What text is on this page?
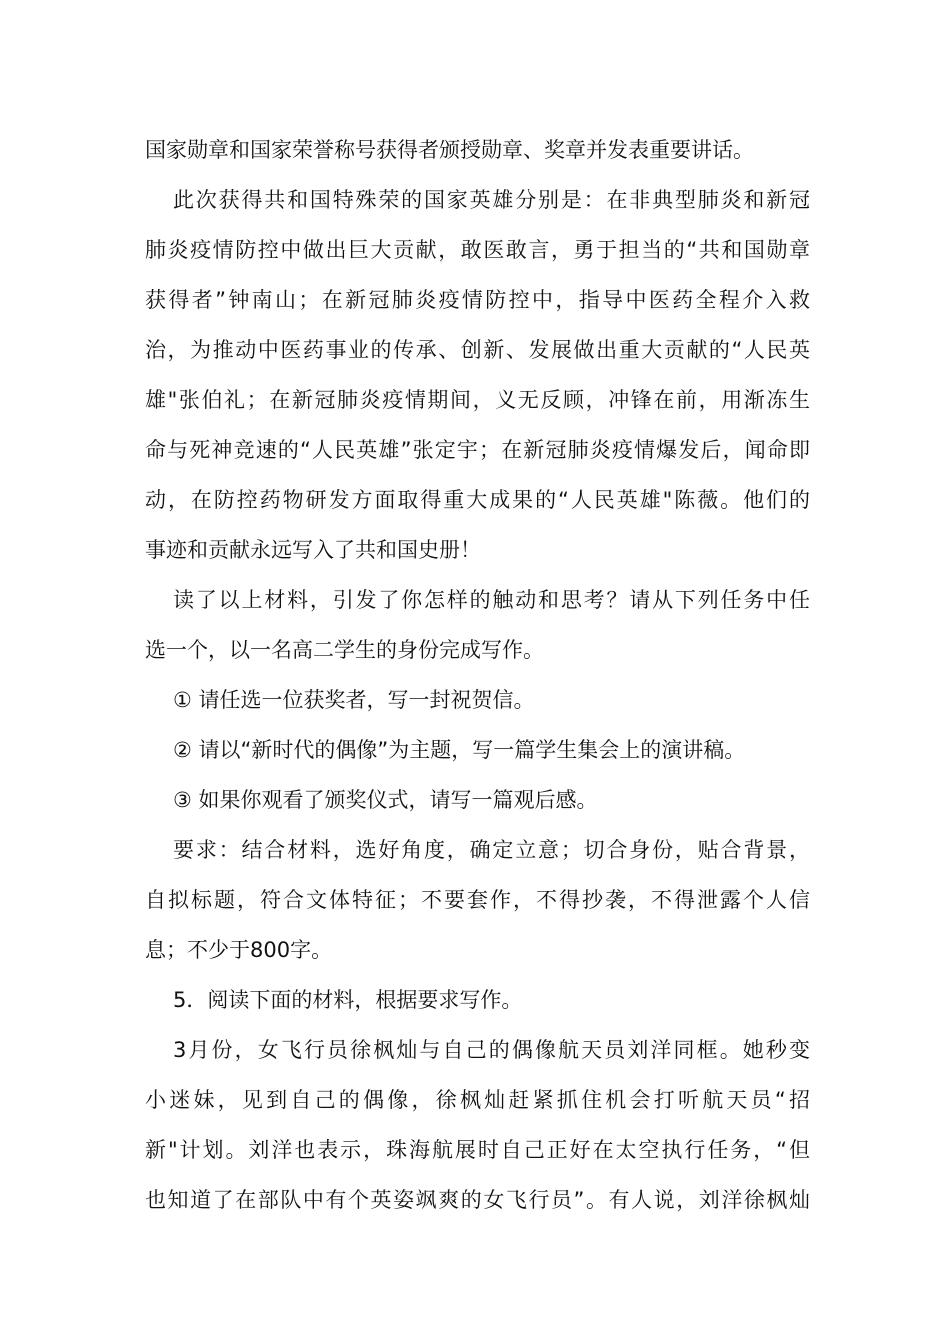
国家勋章和国家荣誉称号获得者颁授勋章、奖章并发表重要讲话。
此次获得共和国特殊荣的国家英雄分别是：在非典型肺炎和新冠
肺炎疫情防控中做出巨大贡献，敢医敢言，勇于担当的“共和国勋章
获得者”钟南山；在新冠肺炎疫情防控中，指导中医药全程介入救
治，为推动中医药事业的传承、创新、发展做出重大贡献的“人民英
雄"张伯礼；在新冠肺炎疫情期间，义无反顾，冲锋在前，用渐冻生
命与死神竞速的“人民英雄”张定宇；在新冠肺炎疫情爆发后，闻命即
动，在防控药物研发方面取得重大成果的“人民英雄"陈薇。他们的
事迹和贡献永远写入了共和国史册！
读了以上材料，引发了你怎样的触动和思考？请从下列任务中任
选一个，以一名高二学生的身份完成写作。
① 请任选一位获奖者，写一封祝贺信。
② 请以“新时代的偶像”为主题，写一篇学生集会上的演讲稿。
③ 如果你观看了颁奖仪式，请写一篇观后感。
要求：结合材料，选好角度，确定立意；切合身份，贴合背景，
自拟标题，符合文体特征；不要套作，不得抄袭，不得泄露个人信
息；不少于800字。
5．阅读下面的材料，根据要求写作。
3月份，女飞行员徐枫灿与自己的偶像航天员刘洋同框。她秒变
小迷妹，见到自己的偶像，徐枫灿赶紧抓住机会打听航天员“招
新"计划。刘洋也表示，珠海航展时自己正好在太空执行任务，“但
也知道了在部队中有个英姿飒爽的女飞行员”。有人说，刘洋徐枫灿
